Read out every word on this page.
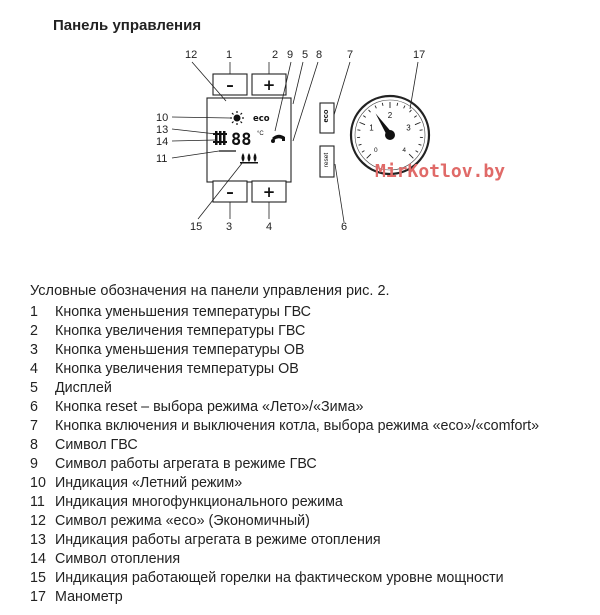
Панель управления
– +
eco
88 °C
– +
eco
reset
0
1
2
3
4
12	1	2 9 5 8 7	17
10
13
14
11
15 3	4	6
MirKotlov.by
Условные обозначения на панели управления рис. 2.
1 Кнопка уменьшения температуры ГВС
2 Кнопка увеличения температуры ГВС
3 Кнопка уменьшения температуры ОВ
4 Кнопка увеличения температуры ОВ
5 Дисплей
6 Кнопка reset – выбора режима «Лето»/«Зима»
7 Кнопка включения и выключения котла, выбора режима «eco»/«comfort»
8 Символ ГВС
9 Символ работы агрегата в режиме ГВС
10 Индикация «Летний режим»
11 Индикация многофункционального режима
12 Символ режима «eco» (Экономичный)
13 Индикация работы агрегата в режиме отопления
14 Символ отопления
15 Индикация работающей горелки на фактическом уровне мощности
17 Манометр
